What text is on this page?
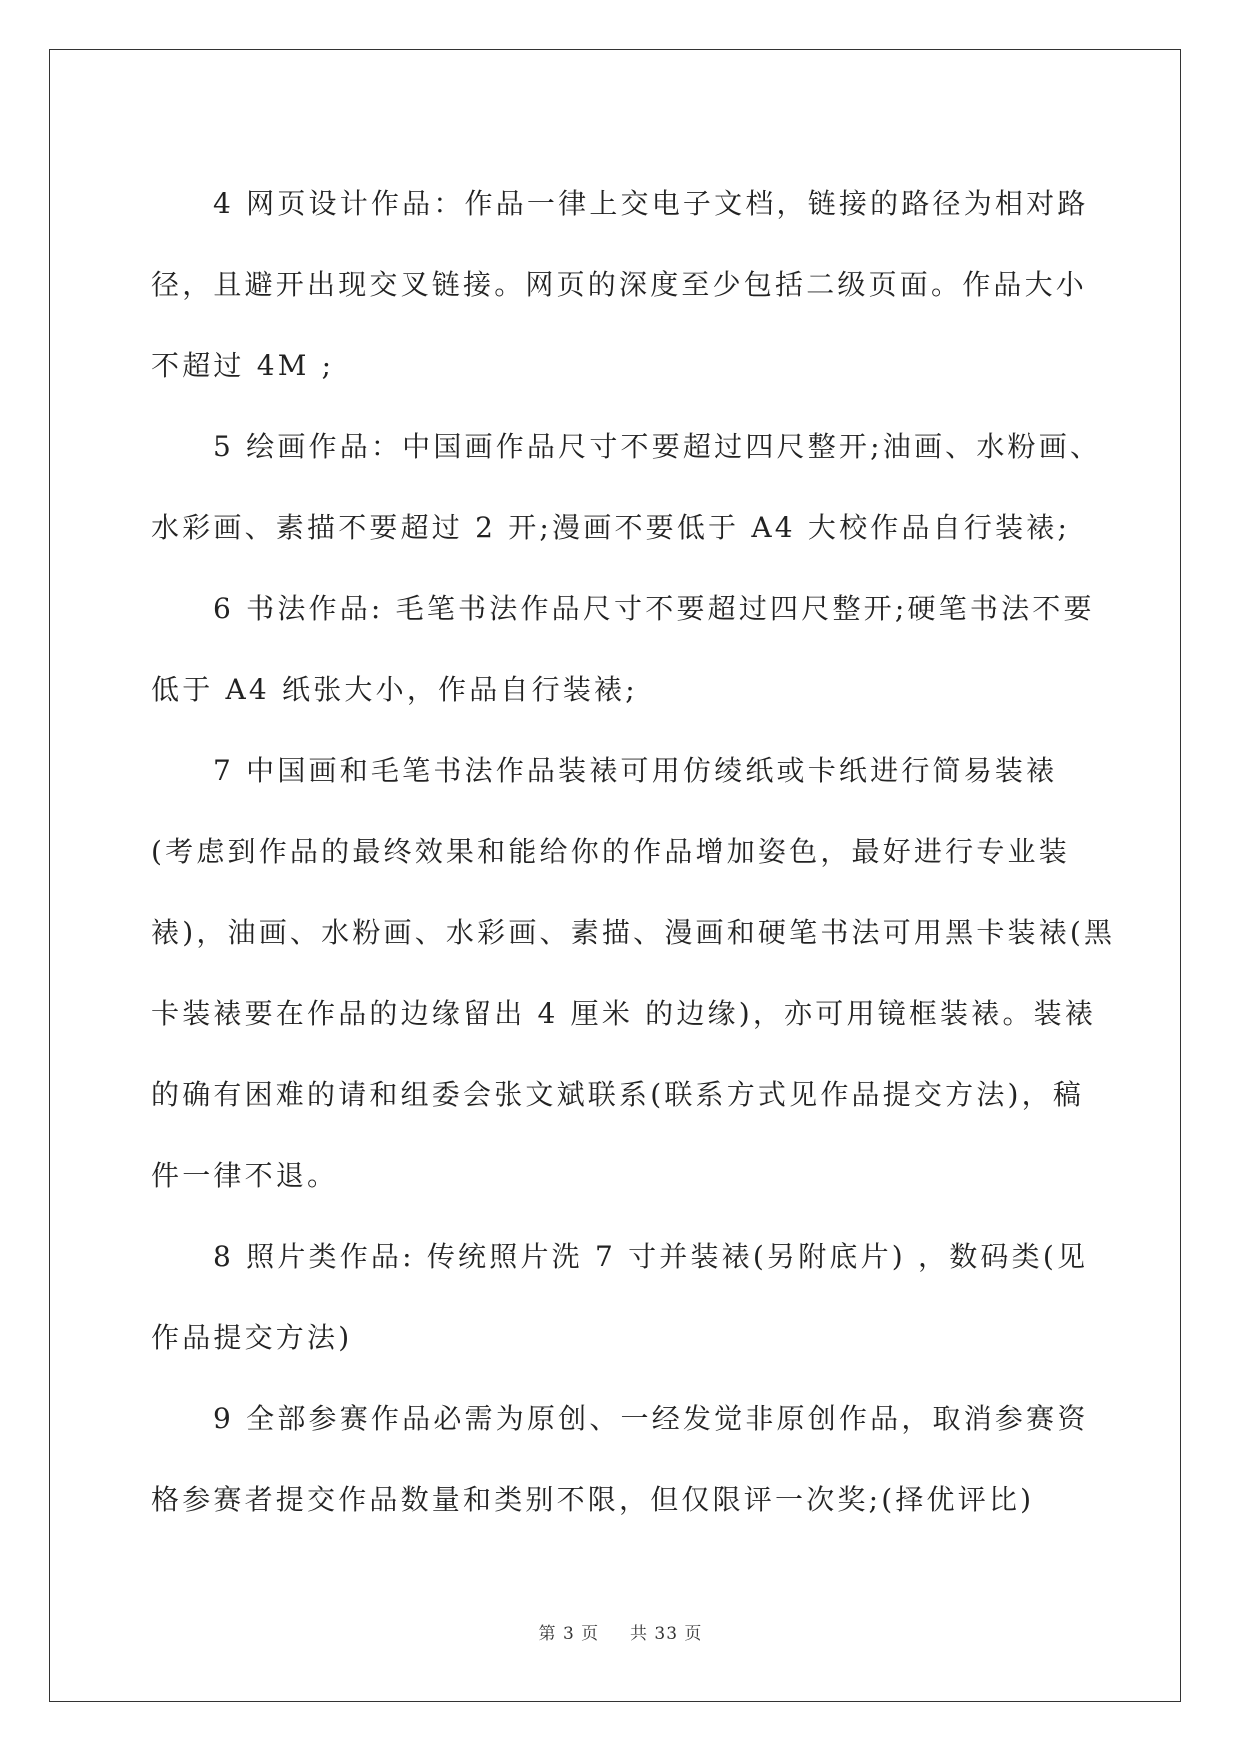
4 网页设计作品：作品一律上交电子文档，链接的路径为相对路
径，且避开出现交叉链接。网页的深度至少包括二级页面。作品大小
不超过 4M ;
5 绘画作品：中国画作品尺寸不要超过四尺整开;油画、水粉画、
水彩画、素描不要超过 2 开;漫画不要低于 A4 大校作品自行装裱;
6 书法作品: 毛笔书法作品尺寸不要超过四尺整开;硬笔书法不要
低于 A4 纸张大小，作品自行装裱;
7 中国画和毛笔书法作品装裱可用仿绫纸或卡纸进行简易装裱
(考虑到作品的最终效果和能给你的作品增加姿色，最好进行专业装
裱)，油画、水粉画、水彩画、素描、漫画和硬笔书法可用黑卡装裱(黑
卡装裱要在作品的边缘留出 4 厘米 的边缘)，亦可用镜框装裱。装裱
的确有困难的请和组委会张文斌联系(联系方式见作品提交方法)，稿
件一律不退。
8 照片类作品: 传统照片洗 7 寸并装裱(另附底片) ，数码类(见
作品提交方法)
9 全部参赛作品必需为原创、一经发觉非原创作品，取消参赛资
格参赛者提交作品数量和类别不限，但仅限评一次奖;(择优评比)
第 3 页 共 33 页
